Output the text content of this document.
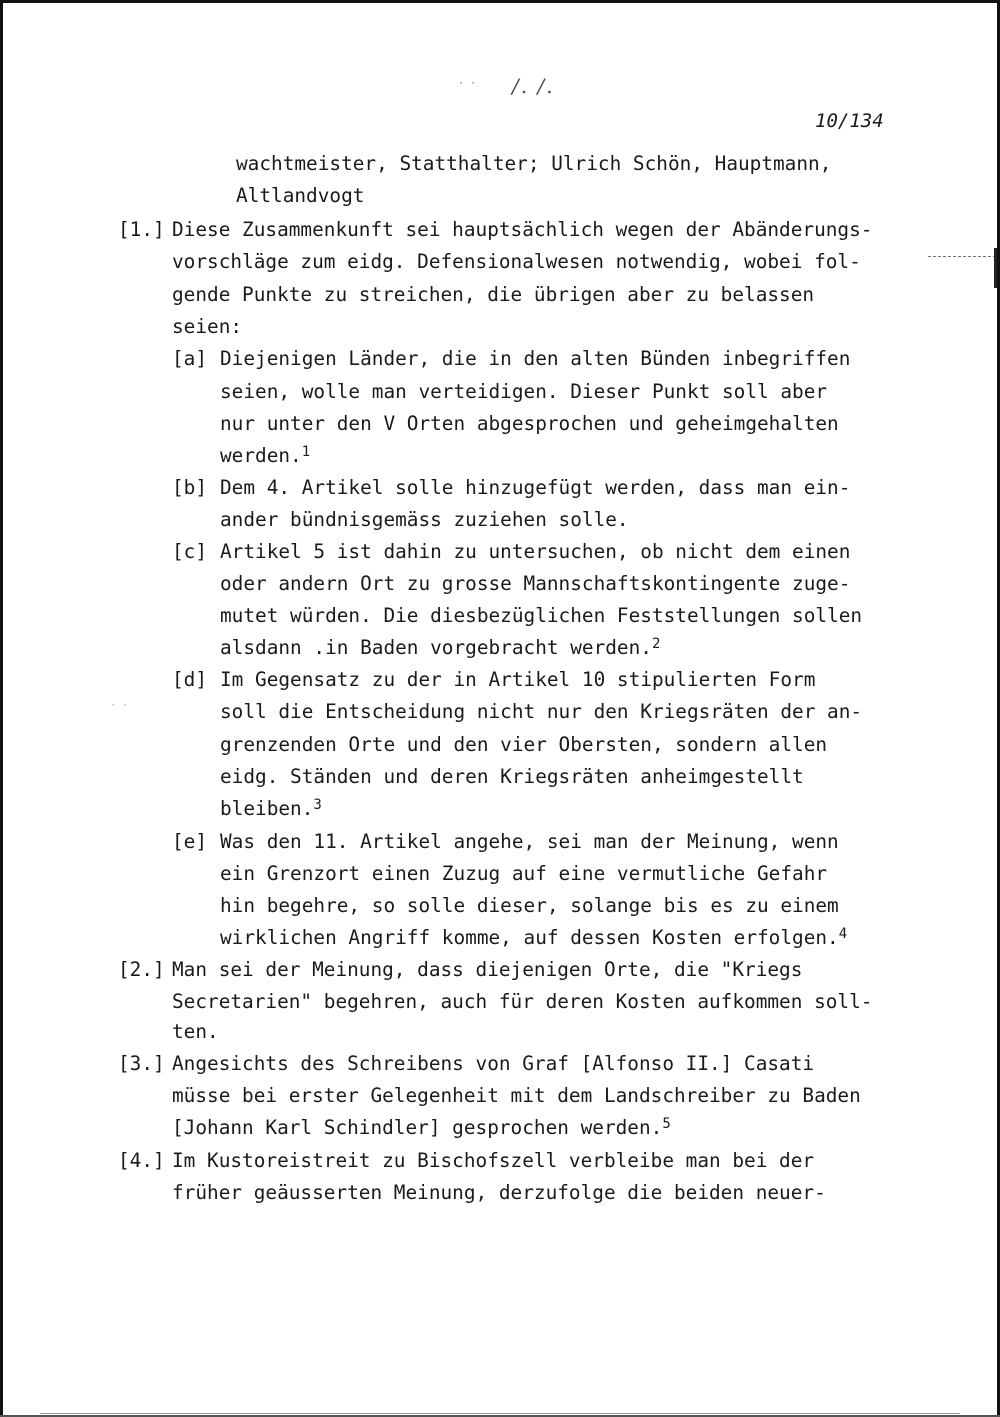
· · /. /.
10/134
wachtmeister, Statthalter; Ulrich Schön, Hauptmann,
Altlandvogt
[1.] Diese Zusammenkunft sei hauptsächlich wegen der Abänderungs-
vorschläge zum eidg. Defensionalwesen notwendig, wobei fol-
gende Punkte zu streichen, die übrigen aber zu belassen
seien:
[a] Diejenigen Länder, die in den alten Bünden inbegriffen
seien, wolle man verteidigen. Dieser Punkt soll aber
nur unter den V Orten abgesprochen und geheimgehalten
werden.$^1$
[b] Dem 4. Artikel solle hinzugefügt werden, dass man ein-
ander bündnisgemäss zuziehen solle.
[c] Artikel 5 ist dahin zu untersuchen, ob nicht dem einen
oder andern Ort zu grosse Mannschaftskontingente zuge-
mutet würden. Die diesbezüglichen Feststellungen sollen
alsdann .in Baden vorgebracht werden.$^2$
· ·
[d] Im Gegensatz zu der in Artikel 10 stipulierten Form
soll die Entscheidung nicht nur den Kriegsräten der an-
grenzenden Orte und den vier Obersten, sondern allen
eidg. Ständen und deren Kriegsräten anheimgestellt
bleiben.$^3$
[e] Was den 11. Artikel angehe, sei man der Meinung, wenn
ein Grenzort einen Zuzug auf eine vermutliche Gefahr
hin begehre, so solle dieser, solange bis es zu einem
wirklichen Angriff komme, auf dessen Kosten erfolgen.$^4$
[2.] Man sei der Meinung, dass diejenigen Orte, die "Kriegs
Secretarien" begehren, auch für deren Kosten aufkommen soll-
ten.
[3.] Angesichts des Schreibens von Graf [Alfonso II.] Casati
müsse bei erster Gelegenheit mit dem Landschreiber zu Baden
[Johann Karl Schindler] gesprochen werden.$^5$
[4.] Im Kustoreistreit zu Bischofszell verbleibe man bei der
früher geäusserten Meinung, derzufolge die beiden neuer-
